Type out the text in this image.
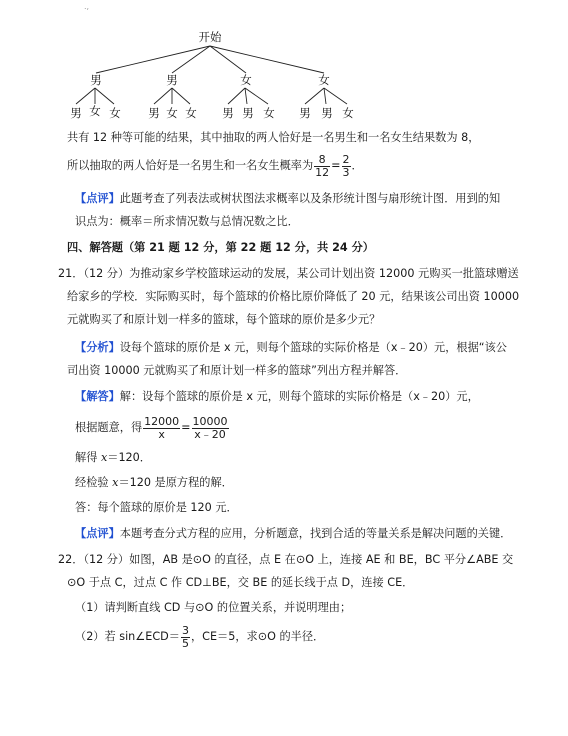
.,
开始
男	男	女	女
男 女 女 男 女 女 男 男 女 男 男 女
共有 12 种等可能的结果，其中抽取的两人恰好是一名男生和一名女生结果数为 8，
所以抽取的两人恰好是一名男生和一名女生概率为 $\frac{8}{12} = \frac{2}{3}$ ．
【点评】此题考查了列表法或树状图法求概率以及条形统计图与扇形统计图．用到的知
识点为：概率＝所求情况数与总情况数之比．
四、解答题（第 21 题 12 分，第 22 题 12 分，共 24 分）
21．（12 分）为推动家乡学校篮球运动的发展，某公司计划出资 12000 元购买一批篮球赠送
给家乡的学校．实际购买时，每个篮球的价格比原价降低了 20 元，结果该公司出资 10000
元就购买了和原计划一样多的篮球，每个篮球的原价是多少元？
【分析】设每个篮球的原价是 x 元，则每个篮球的实际价格是（x﹣20）元，根据“该公
司出资 10000 元就购买了和原计划一样多的篮球”列出方程并解答．
【解答】解：设每个篮球的原价是 x 元，则每个篮球的实际价格是（x﹣20）元，
根据题意，得 $\frac{12000}{x} = \frac{10000}{x﹣20}$
解得 x＝120．
经检验 x＝120 是原方程的解．
答：每个篮球的原价是 120 元．
【点评】本题考查分式方程的应用，分析题意，找到合适的等量关系是解决问题的关键．
22．（12 分）如图，AB 是⊙O 的直径，点 E 在⊙O 上，连接 AE 和 BE，BC 平分∠ABE 交
⊙O 于点 C，过点 C 作 CD⊥BE，交 BE 的延长线于点 D，连接 CE．
（1）请判断直线 CD 与⊙O 的位置关系，并说明理由；
（2）若 sin∠ECD＝ $\frac{3}{5}$ ，CE＝5，求⊙O 的半径．
